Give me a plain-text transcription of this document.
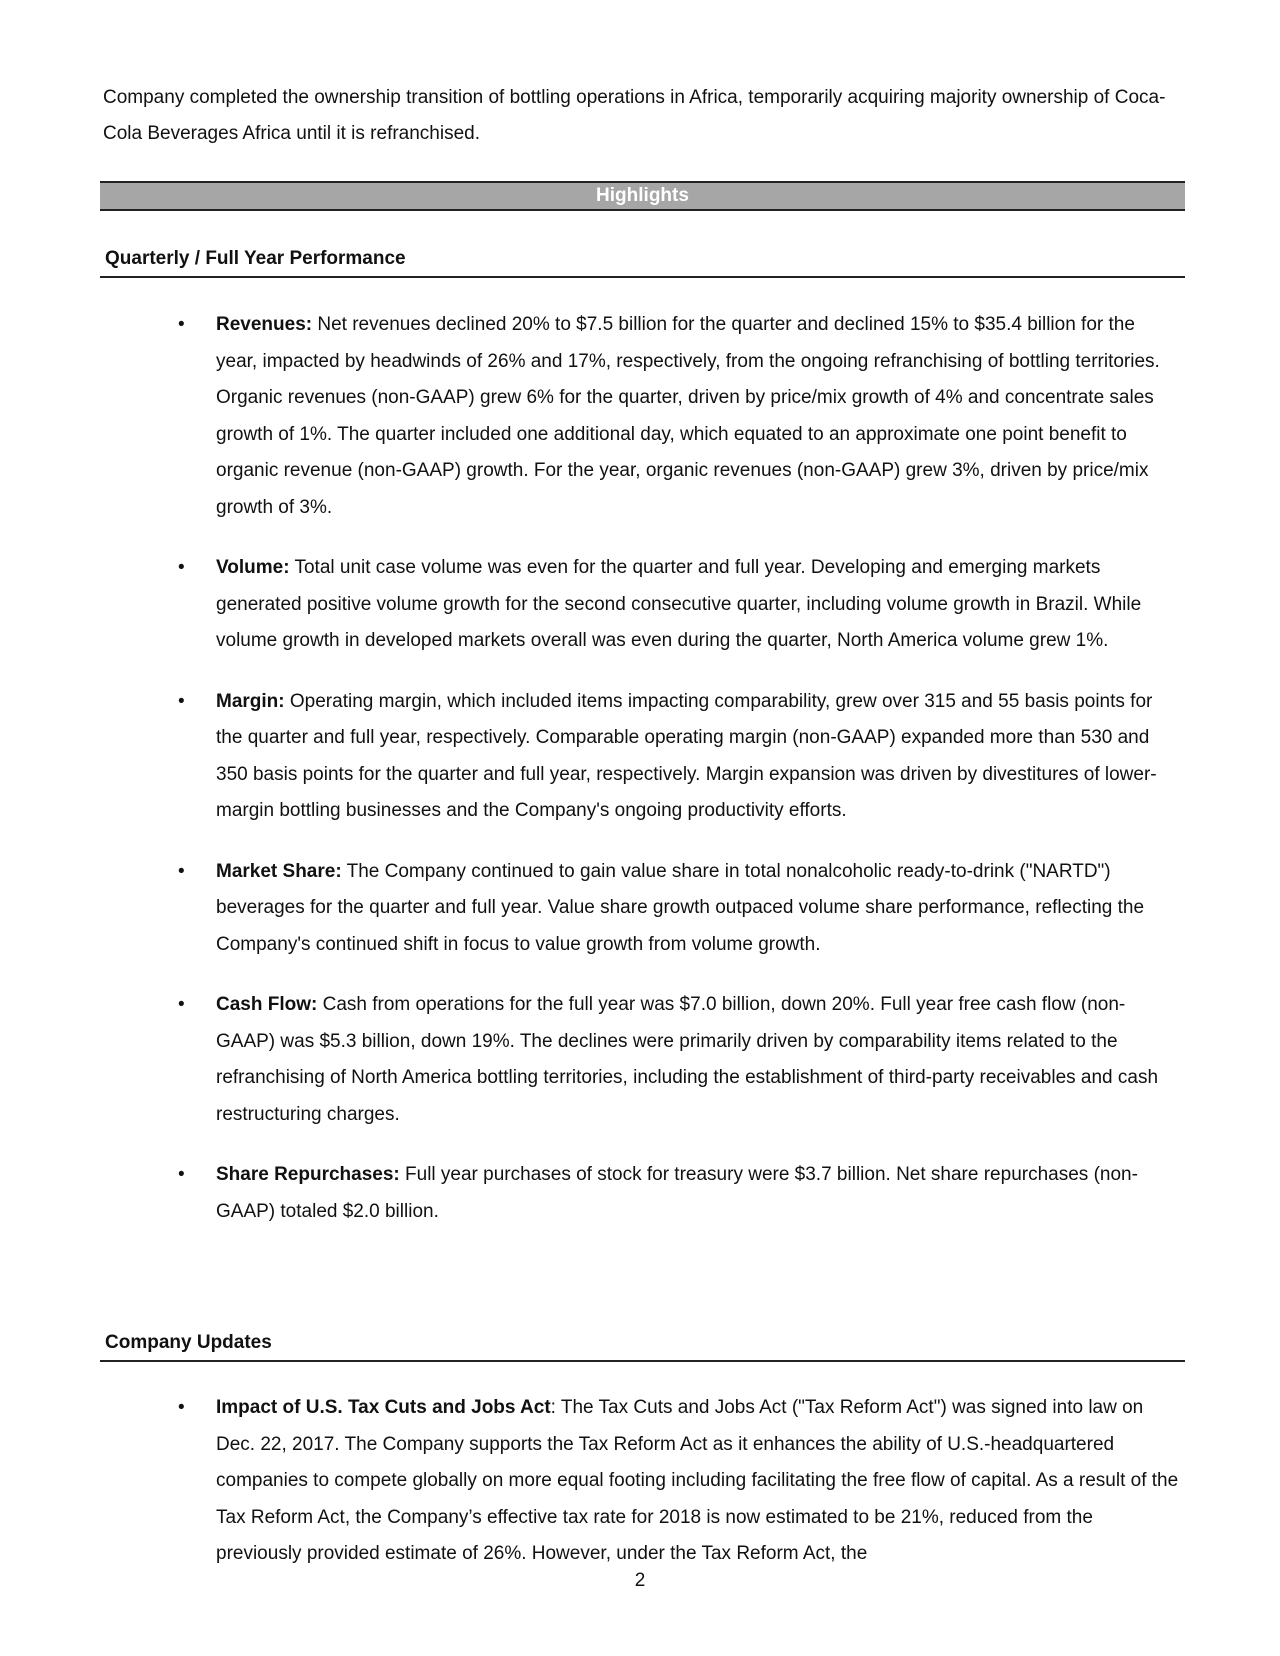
Company completed the ownership transition of bottling operations in Africa, temporarily acquiring majority ownership of Coca-Cola Beverages Africa until it is refranchised.

Highlights
Quarterly / Full Year Performance
• Revenues: Net revenues declined 20% to $7.5 billion for the quarter and declined 15% to $35.4 billion for the year, impacted by headwinds of 26% and 17%, respectively, from the ongoing refranchising of bottling territories. Organic revenues (non-GAAP) grew 6% for the quarter, driven by price/mix growth of 4% and concentrate sales growth of 1%. The quarter included one additional day, which equated to an approximate one point benefit to organic revenue (non-GAAP) growth. For the year, organic revenues (non-GAAP) grew 3%, driven by price/mix growth of 3%.
• Volume: Total unit case volume was even for the quarter and full year. Developing and emerging markets generated positive volume growth for the second consecutive quarter, including volume growth in Brazil. While volume growth in developed markets overall was even during the quarter, North America volume grew 1%.
• Margin: Operating margin, which included items impacting comparability, grew over 315 and 55 basis points for the quarter and full year, respectively. Comparable operating margin (non-GAAP) expanded more than 530 and 350 basis points for the quarter and full year, respectively. Margin expansion was driven by divestitures of lower-margin bottling businesses and the Company's ongoing productivity efforts.
• Market Share: The Company continued to gain value share in total nonalcoholic ready-to-drink ("NARTD") beverages for the quarter and full year. Value share growth outpaced volume share performance, reflecting the Company's continued shift in focus to value growth from volume growth.
• Cash Flow: Cash from operations for the full year was $7.0 billion, down 20%. Full year free cash flow (non-GAAP) was $5.3 billion, down 19%. The declines were primarily driven by comparability items related to the refranchising of North America bottling territories, including the establishment of third-party receivables and cash restructuring charges.
• Share Repurchases: Full year purchases of stock for treasury were $3.7 billion. Net share repurchases (non-GAAP) totaled $2.0 billion.
Company Updates
• Impact of U.S. Tax Cuts and Jobs Act: The Tax Cuts and Jobs Act ("Tax Reform Act") was signed into law on Dec. 22, 2017. The Company supports the Tax Reform Act as it enhances the ability of U.S.-headquartered companies to compete globally on more equal footing including facilitating the free flow of capital. As a result of the Tax Reform Act, the Company’s effective tax rate for 2018 is now estimated to be 21%, reduced from the previously provided estimate of 26%. However, under the Tax Reform Act, the
2
